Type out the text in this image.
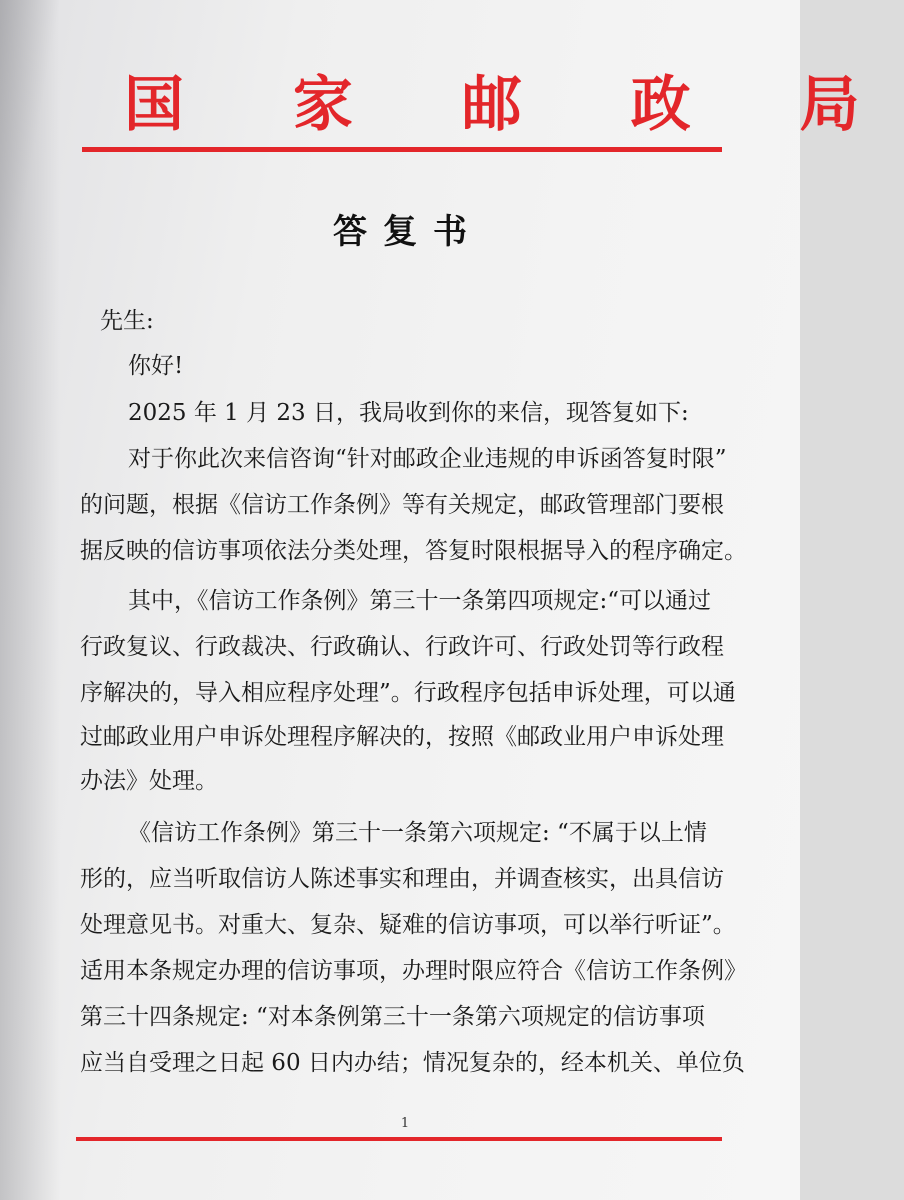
国 家 邮 政 局
答复书
先生:
你好!
2025 年 1 月 23 日，我局收到你的来信，现答复如下:
对于你此次来信咨询“针对邮政企业违规的申诉函答复时限”
的问题，根据《信访工作条例》等有关规定，邮政管理部门要根
据反映的信访事项依法分类处理，答复时限根据导入的程序确定。
其中，《信访工作条例》第三十一条第四项规定:“可以通过
行政复议、行政裁决、行政确认、行政许可、行政处罚等行政程
序解决的，导入相应程序处理”。行政程序包括申诉处理，可以通
过邮政业用户申诉处理程序解决的，按照《邮政业用户申诉处理
办法》处理。
《信访工作条例》第三十一条第六项规定: “不属于以上情
形的，应当听取信访人陈述事实和理由，并调查核实，出具信访
处理意见书。对重大、复杂、疑难的信访事项，可以举行听证”。
适用本条规定办理的信访事项，办理时限应符合《信访工作条例》
第三十四条规定: “对本条例第三十一条第六项规定的信访事项
应当自受理之日起 60 日内办结；情况复杂的，经本机关、单位负
1
